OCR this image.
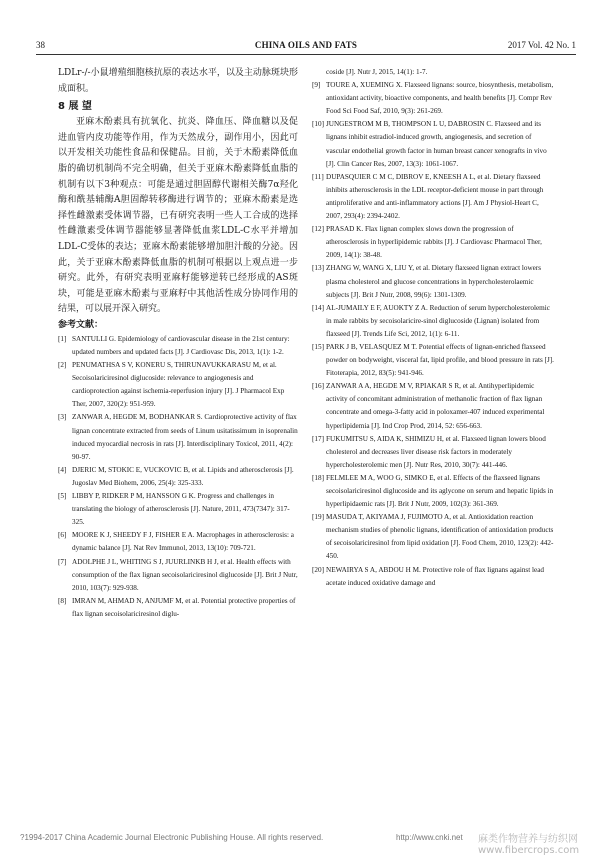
38	CHINA OILS AND FATS	2017 Vol. 42 No. 1

LDLr-/-小鼠增殖细胞核抗原的表达水平，以及主动脉斑块形成面积。

8 展 望

亚麻木酚素具有抗氧化、抗炎、降血压、降血糖以及促进血管内皮功能等作用，作为天然成分，副作用小，因此可以开发相关功能性食品和保健品。目前，关于木酚素降低血脂的确切机制尚不完全明确，但关于亚麻木酚素降低血脂的机制有以下3种观点：可能是通过胆固醇代谢相关酶7α羟化酶和酰基辅酶A胆固醇转移酶进行调节的；亚麻木酚素是选择性雌激素受体调节器，已有研究表明一些人工合成的选择性雌激素受体调节器能够显著降低血浆LDL-C水平并增加LDL-C受体的表达；亚麻木酚素能够增加胆汁酸的分泌。因此，关于亚麻木酚素降低血脂的机制可根据以上观点进一步研究。此外，有研究表明亚麻籽能够逆转已经形成的AS斑块，可能是亚麻木酚素与亚麻籽中其他活性成分协同作用的结果，可以展开深入研究。

参考文献：

[1] SANTULLI G. Epidemiology of cardiovascular disease in the 21st century: updated numbers and updated facts [J]. J Cardiovasc Dis, 2013, 1(1): 1-2.

[2] PENUMATHSA S V, KONERU S, THIRUNAVUKKARASU M, et al. Secoisolariciresinol diglucoside: relevance to angiogenesis and cardioprotection against ischemia-reperfusion injury [J]. J Pharmacol Exp Ther, 2007, 320(2): 951-959.

[3] ZANWAR A, HEGDE M, BODHANKAR S. Cardioprotective activity of flax lignan concentrate extracted from seeds of Linum usitatissimum in isoprenalin induced myocardial necrosis in rats [J]. Interdisciplinary Toxicol, 2011, 4(2): 90-97.

[4] DJERIC M, STOKIC E, VUCKOVIC B, et al. Lipids and atherosclerosis [J]. Jugoslav Med Biohem, 2006, 25(4): 325-333.

[5] LIBBY P, RIDKER P M, HANSSON G K. Progress and challenges in translating the biology of atherosclerosis [J]. Nature, 2011, 473(7347): 317-325.

[6] MOORE K J, SHEEDY F J, FISHER E A. Macrophages in atherosclerosis: a dynamic balance [J]. Nat Rev Immunol, 2013, 13(10): 709-721.

[7] ADOLPHE J L, WHITING S J, JUURLINKB H J, et al. Health effects with consumption of the flax lignan secoisolariciresinol diglucoside [J]. Brit J Nutr, 2010, 103(7): 929-938.

[8] IMRAN M, AHMAD N, ANJUMF M, et al. Potential protective properties of flax lignan secoisolariciresinol diglu-

coside [J]. Nutr J, 2015, 14(1): 1-7.

[9] TOURE A, XUEMING X. Flaxseed lignans: source, biosynthesis, metabolism, antioxidant activity, bioactive components, and health benefits [J]. Compr Rev Food Sci Food Saf, 2010, 9(3): 261-269.

[10] JUNGESTROM M B, THOMPSON L U, DABROSIN C. Flaxseed and its lignans inhibit estradiol-induced growth, angiogenesis, and secretion of vascular endothelial growth factor in human breast cancer xenografts in vivo [J]. Clin Cancer Res, 2007, 13(3): 1061-1067.

[11] DUPASQUIER C M C, DIBROV E, KNEESH A L, et al. Dietary flaxseed inhibits atherosclerosis in the LDL receptor-deficient mouse in part through antiproliferative and anti-inflammatory actions [J]. Am J Physiol-Heart C, 2007, 293(4): 2394-2402.

[12] PRASAD K. Flax lignan complex slows down the progression of atherosclerosis in hyperlipidemic rabbits [J]. J Cardiovasc Pharmacol Ther, 2009, 14(1): 38-48.

[13] ZHANG W, WANG X, LIU Y, et al. Dietary flaxseed lignan extract lowers plasma cholesterol and glucose concentrations in hypercholesterolaemic subjects [J]. Brit J Nutr, 2008, 99(6): 1301-1309.

[14] AL-JUMAILY E F, AUOKTY Z A. Reduction of serum hypercholesterolemic in male rabbits by secoisolaricire-sinol diglucoside (Lignan) isolated from flaxseed [J]. Trends Life Sci, 2012, 1(1): 6-11.

[15] PARK J B, VELASQUEZ M T. Potential effects of lignan-enriched flaxseed powder on bodyweight, visceral fat, lipid profile, and blood pressure in rats [J]. Fitoterapia, 2012, 83(5): 941-946.

[16] ZANWAR A A, HEGDE M V, RPIAKAR S R, et al. Antihyperlipidemic activity of concomitant administration of methanolic fraction of flax lignan concentrate and omega-3-fatty acid in poloxamer-407 induced experimental hyperlipidemia [J]. Ind Crop Prod, 2014, 52: 656-663.

[17] FUKUMITSU S, AIDA K, SHIMIZU H, et al. Flaxseed lignan lowers blood cholesterol and decreases liver disease risk factors in moderately hypercholesterolemic men [J]. Nutr Res, 2010, 30(7): 441-446.

[18] FELMLEE M A, WOO G, SIMKO E, et al. Effects of the flaxseed lignans secoisolariciresinol diglucoside and its aglycone on serum and hepatic lipids in hyperlipidaemic rats [J]. Brit J Nutr, 2009, 102(3): 361-369.

[19] MASUDA T, AKIYAMA J, FUJIMOTO A, et al. Antioxidation reaction mechanism studies of phenolic lignans, identification of antioxidation products of secoisolariciresinol from lipid oxidation [J]. Food Chem, 2010, 123(2): 442-450.

[20] NEWAIRYA S A, ABDOU H M. Protective role of flax lignans against lead acetate induced oxidative damage and

?1994-2017 China Academic Journal Electronic Publishing House. All rights reserved.	http://www.cnki.net 麻类作物营养与纺织网 www.fibercrops.com
